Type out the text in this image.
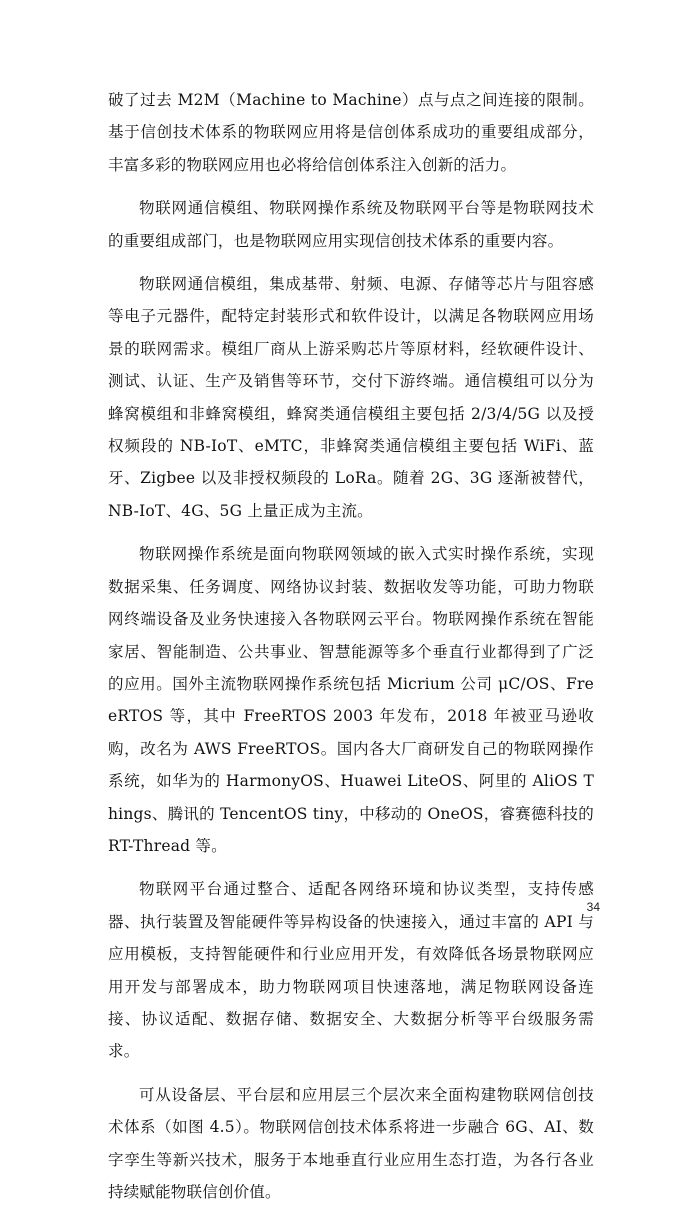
破了过去 M2M（Machine to Machine）点与点之间连接的限制。基于信创技术体系的物联网应用将是信创体系成功的重要组成部分，丰富多彩的物联网应用也必将给信创体系注入创新的活力。

物联网通信模组、物联网操作系统及物联网平台等是物联网技术的重要组成部门，也是物联网应用实现信创技术体系的重要内容。

物联网通信模组，集成基带、射频、电源、存储等芯片与阻容感等电子元器件，配特定封装形式和软件设计，以满足各物联网应用场景的联网需求。模组厂商从上游采购芯片等原材料，经软硬件设计、测试、认证、生产及销售等环节，交付下游终端。通信模组可以分为蜂窝模组和非蜂窝模组，蜂窝类通信模组主要包括 2/3/4/5G 以及授权频段的 NB-IoT、eMTC，非蜂窝类通信模组主要包括 WiFi、蓝牙、Zigbee 以及非授权频段的 LoRa。随着 2G、3G 逐渐被替代，NB-IoT、4G、5G 上量正成为主流。

物联网操作系统是面向物联网领域的嵌入式实时操作系统，实现数据采集、任务调度、网络协议封装、数据收发等功能，可助力物联网终端设备及业务快速接入各物联网云平台。物联网操作系统在智能家居、智能制造、公共事业、智慧能源等多个垂直行业都得到了广泛的应用。国外主流物联网操作系统包括 Micrium 公司 μC/OS、FreeRTOS 等，其中 FreeRTOS 2003 年发布，2018 年被亚马逊收购，改名为 AWS FreeRTOS。国内各大厂商研发自己的物联网操作系统，如华为的 HarmonyOS、Huawei LiteOS、阿里的 AliOS Things、腾讯的 TencentOS tiny，中移动的 OneOS，睿赛德科技的 RT-Thread 等。

物联网平台通过整合、适配各网络环境和协议类型，支持传感器、执行装置及智能硬件等异构设备的快速接入，通过丰富的 API 与应用模板，支持智能硬件和行业应用开发，有效降低各场景物联网应用开发与部署成本，助力物联网项目快速落地，满足物联网设备连接、协议适配、数据存储、数据安全、大数据分析等平台级服务需求。

可从设备层、平台层和应用层三个层次来全面构建物联网信创技术体系（如图 4.5）。物联网信创技术体系将进一步融合 6G、AI、数字孪生等新兴技术，服务于本地垂直行业应用生态打造，为各行各业持续赋能物联信创价值。

34
